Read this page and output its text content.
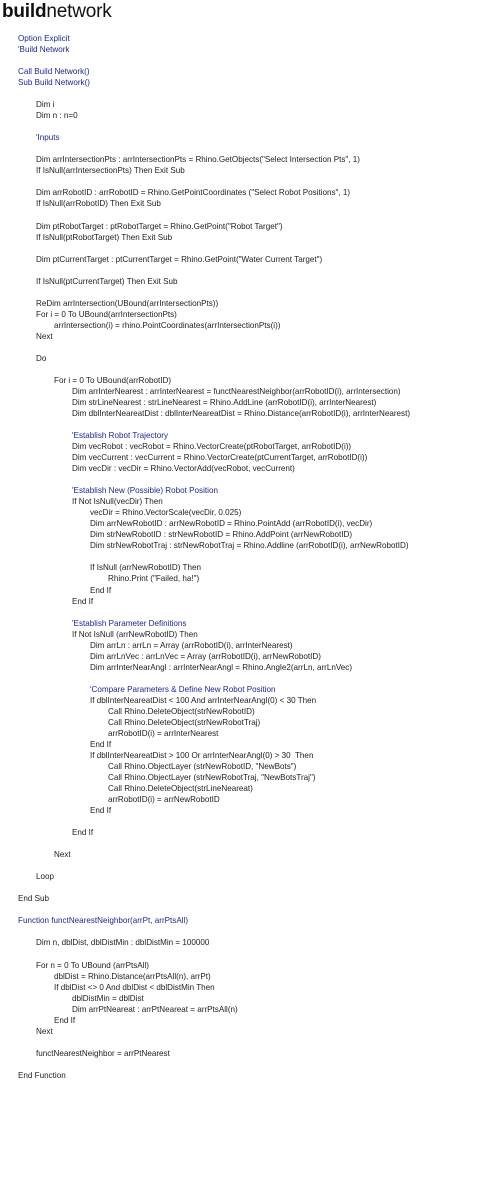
buildnetwork
Option Explicit
'Build Network
Call Build Network()
Sub Build Network()
Dim i
Dim n : n=0
'Inputs
Dim arrIntersectionPts : arrIntersectionPts = Rhino.GetObjects("Select Intersection Pts", 1)
If IsNull(arrIntersectionPts) Then Exit Sub
Dim arrRobotID : arrRobotID = Rhino.GetPointCoordinates ("Select Robot Positions", 1)
If IsNull(arrRobotID) Then Exit Sub
Dim ptRobotTarget : ptRobotTarget = Rhino.GetPoint("Robot Target")
If IsNull(ptRobotTarget) Then Exit Sub
Dim ptCurrentTarget : ptCurrentTarget = Rhino.GetPoint("Water Current Target")
If IsNull(ptCurrentTarget) Then Exit Sub
ReDim arrIntersection(UBound(arrIntersectionPts))
For i = 0 To UBound(arrIntersectionPts)
arrIntersection(i) = rhino.PointCoordinates(arrIntersectionPts(i))
Next
Do
For i = 0 To UBound(arrRobotID)
Dim arrInterNearest : arrInterNearest = functNearestNeighbor(arrRobotID(i), arrIntersection)
Dim strLineNearest : strLineNearest = Rhino.AddLine (arrRobotID(i), arrInterNearest)
Dim dblInterNeareatDist : dblInterNeareatDist = Rhino.Distance(arrRobotID(i), arrInterNearest)
'Establish Robot Trajectory
Dim vecRobot : vecRobot = Rhino.VectorCreate(ptRobotTarget, arrRobotID(i))
Dim vecCurrent : vecCurrent = Rhino.VectorCreate(ptCurrentTarget, arrRobotID(i))
Dim vecDir : vecDir = Rhino.VectorAdd(vecRobot, vecCurrent)
'Establish New (Possible) Robot Position
If Not IsNull(vecDir) Then
vecDir = Rhino.VectorScale(vecDir, 0.025)
Dim arrNewRobotID : arrNewRobotID = Rhino.PointAdd (arrRobotID(i), vecDir)
Dim strNewRobotID : strNewRobotID = Rhino.AddPoint (arrNewRobotID)
Dim strNewRobotTraj : strNewRobotTraj = Rhino.Addline (arrRobotID(i), arrNewRobotID)
If IsNull (arrNewRobotID) Then
Rhino.Print ("Failed, ha!")
End If
End If
'Establish Parameter Definitions
If Not IsNull (arrNewRobotID) Then
Dim arrLn : arrLn = Array (arrRobotID(i), arrInterNearest)
Dim arrLnVec : arrLnVec = Array (arrRobotID(i), arrNewRobotID)
Dim arrInterNearAngl : arrInterNearAngl = Rhino.Angle2(arrLn, arrLnVec)
'Compare Parameters & Define New Robot Position
If dblInterNeareatDist < 100 And arrInterNearAngl(0) < 30 Then
Call Rhino.DeleteObject(strNewRobotID)
Call Rhino.DeleteObject(strNewRobotTraj)
arrRobotID(i) = arrInterNearest
End If
If dblInterNeareatDist > 100 Or arrInterNearAngl(0) > 30  Then
Call Rhino.ObjectLayer (strNewRobotID, "NewBots")
Call Rhino.ObjectLayer (strNewRobotTraj, "NewBotsTraj")
Call Rhino.DeleteObject(strLineNeareat)
arrRobotID(i) = arrNewRobotID
End If
End If
Next
Loop
End Sub
Function functNearestNeighbor(arrPt, arrPtsAll)
Dim n, dblDist, dblDistMin : dblDistMin = 100000
For n = 0 To UBound (arrPtsAll)
dblDist = Rhino.Distance(arrPtsAll(n), arrPt)
If dblDist <> 0 And dblDist < dblDistMin Then
dblDistMin = dblDist
Dim arrPtNeareat : arrPtNeareat = arrPtsAll(n)
End If
Next
functNearestNeighbor = arrPtNearest
End Function
